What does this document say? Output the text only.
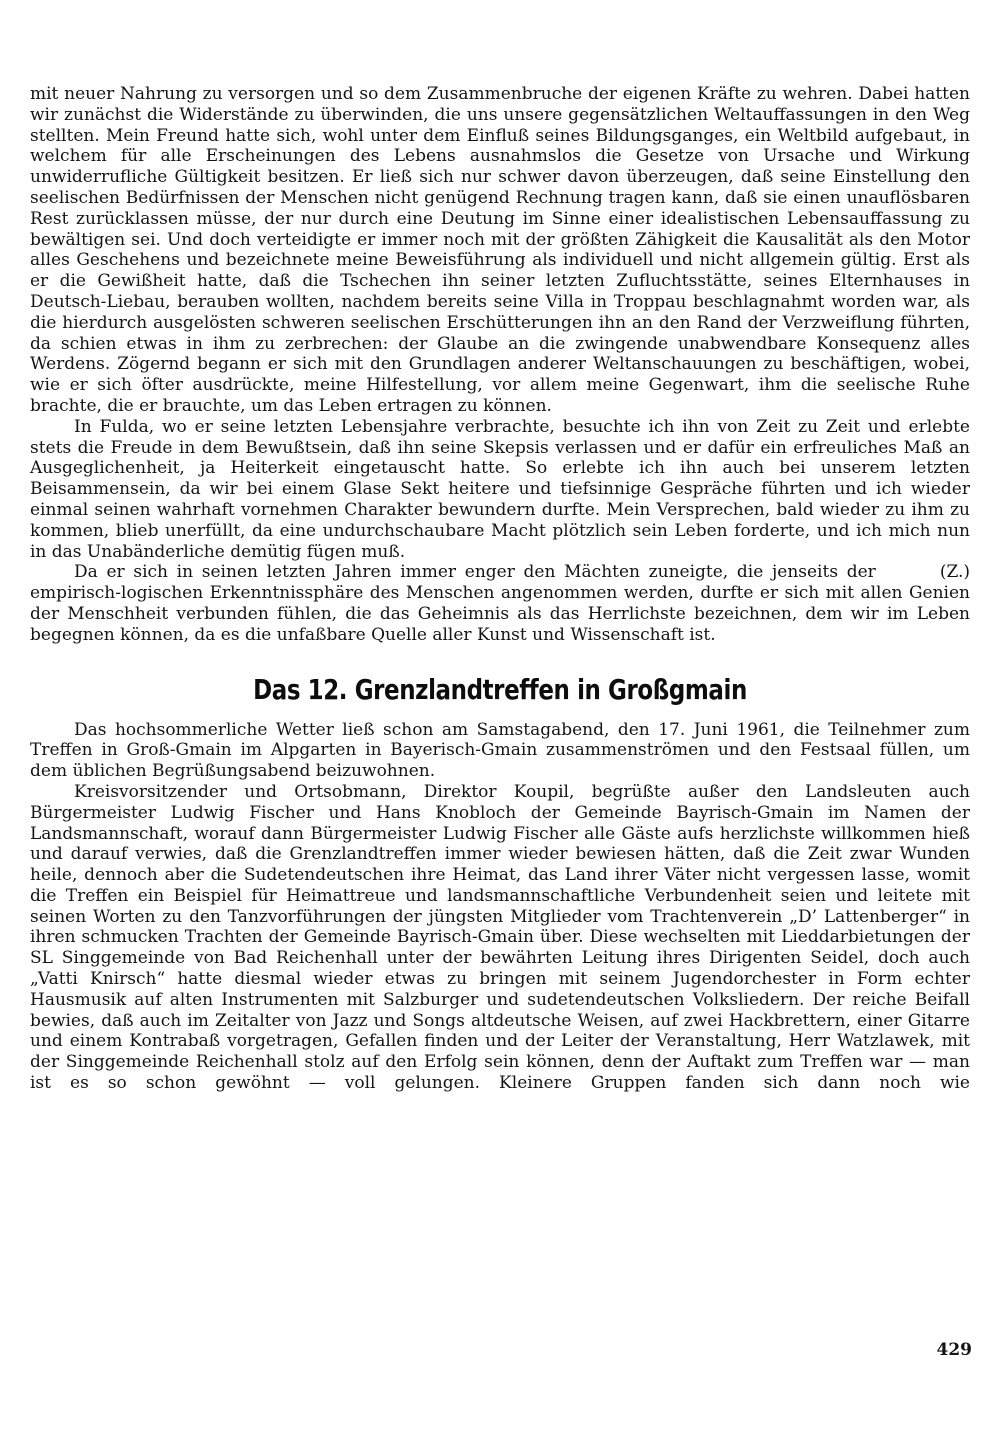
mit neuer Nahrung zu versorgen und so dem Zusammenbruche der eigenen Kräfte zu wehren. Dabei hatten wir zunächst die Widerstände zu überwinden, die uns unsere gegensätzlichen Weltauffassungen in den Weg stellten. Mein Freund hatte sich, wohl unter dem Einfluß seines Bildungsganges, ein Weltbild aufgebaut, in welchem für alle Erscheinungen des Lebens ausnahmslos die Gesetze von Ursache und Wirkung unwiderrufliche Gültigkeit besitzen. Er ließ sich nur schwer davon überzeugen, daß seine Einstellung den seelischen Bedürfnissen der Menschen nicht genügend Rechnung tragen kann, daß sie einen unauflösbaren Rest zurücklassen müsse, der nur durch eine Deutung im Sinne einer idealistischen Lebensauffassung zu bewältigen sei. Und doch verteidigte er immer noch mit der größten Zähigkeit die Kausalität als den Motor alles Geschehens und bezeichnete meine Beweisführung als individuell und nicht allgemein gültig. Erst als er die Gewißheit hatte, daß die Tschechen ihn seiner letzten Zufluchtsstätte, seines Elternhauses in Deutsch-Liebau, berauben wollten, nachdem bereits seine Villa in Troppau beschlagnahmt worden war, als die hierdurch ausgelösten schweren seelischen Erschütterungen ihn an den Rand der Verzweiflung führten, da schien etwas in ihm zu zerbrechen: der Glaube an die zwingende unabwendbare Konsequenz alles Werdens. Zögernd begann er sich mit den Grundlagen anderer Weltanschauungen zu beschäftigen, wobei, wie er sich öfter ausdrückte, meine Hilfestellung, vor allem meine Gegenwart, ihm die seelische Ruhe brachte, die er brauchte, um das Leben ertragen zu können.

In Fulda, wo er seine letzten Lebensjahre verbrachte, besuchte ich ihn von Zeit zu Zeit und erlebte stets die Freude in dem Bewußtsein, daß ihn seine Skepsis verlassen und er dafür ein erfreuliches Maß an Ausgeglichenheit, ja Heiterkeit eingetauscht hatte. So erlebte ich ihn auch bei unserem letzten Beisammensein, da wir bei einem Glase Sekt heitere und tiefsinnige Gespräche führten und ich wieder einmal seinen wahrhaft vornehmen Charakter bewundern durfte. Mein Versprechen, bald wieder zu ihm zu kommen, blieb unerfüllt, da eine undurchschaubare Macht plötzlich sein Leben forderte, und ich mich nun in das Unabänderliche demütig fügen muß.

(Z.)
Da er sich in seinen letzten Jahren immer enger den Mächten zuneigte, die jenseits der empirisch-logischen Erkenntnissphäre des Menschen angenommen werden, durfte er sich mit allen Genien der Menschheit verbunden fühlen, die das Geheimnis als das Herrlichste bezeichnen, dem wir im Leben begegnen können, da es die unfaßbare Quelle aller Kunst und Wissenschaft ist.

Das 12. Grenzlandtreffen in Großgmain

Das hochsommerliche Wetter ließ schon am Samstagabend, den 17. Juni 1961, die Teilnehmer zum Treffen in Groß-Gmain im Alpgarten in Bayerisch-Gmain zusammenströmen und den Festsaal füllen, um dem üblichen Begrüßungsabend beizuwohnen.

Kreisvorsitzender und Ortsobmann, Direktor Koupil, begrüßte außer den Landsleuten auch Bürgermeister Ludwig Fischer und Hans Knobloch der Gemeinde Bayrisch-Gmain im Namen der Landsmannschaft, worauf dann Bürgermeister Ludwig Fischer alle Gäste aufs herzlichste willkommen hieß und darauf verwies, daß die Grenzlandtreffen immer wieder bewiesen hätten, daß die Zeit zwar Wunden heile, dennoch aber die Sudetendeutschen ihre Heimat, das Land ihrer Väter nicht vergessen lasse, womit die Treffen ein Beispiel für Heimattreue und landsmannschaftliche Verbundenheit seien und leitete mit seinen Worten zu den Tanzvorführungen der jüngsten Mitglieder vom Trachtenverein „D’ Lattenberger“ in ihren schmucken Trachten der Gemeinde Bayrisch-Gmain über. Diese wechselten mit Lieddarbietungen der SL Singgemeinde von Bad Reichenhall unter der bewährten Leitung ihres Dirigenten Seidel, doch auch „Vatti Knirsch“ hatte diesmal wieder etwas zu bringen mit seinem Jugendorchester in Form echter Hausmusik auf alten Instrumenten mit Salzburger und sudetendeutschen Volksliedern. Der reiche Beifall bewies, daß auch im Zeitalter von Jazz und Songs altdeutsche Weisen, auf zwei Hackbrettern, einer Gitarre und einem Kontrabaß vorgetragen, Gefallen finden und der Leiter der Veranstaltung, Herr Watzlawek, mit der Singgemeinde Reichenhall stolz auf den Erfolg sein können, denn der Auftakt zum Treffen war — man ist es so schon gewöhnt — voll gelungen. Kleinere Gruppen fanden sich dann noch wie

429
